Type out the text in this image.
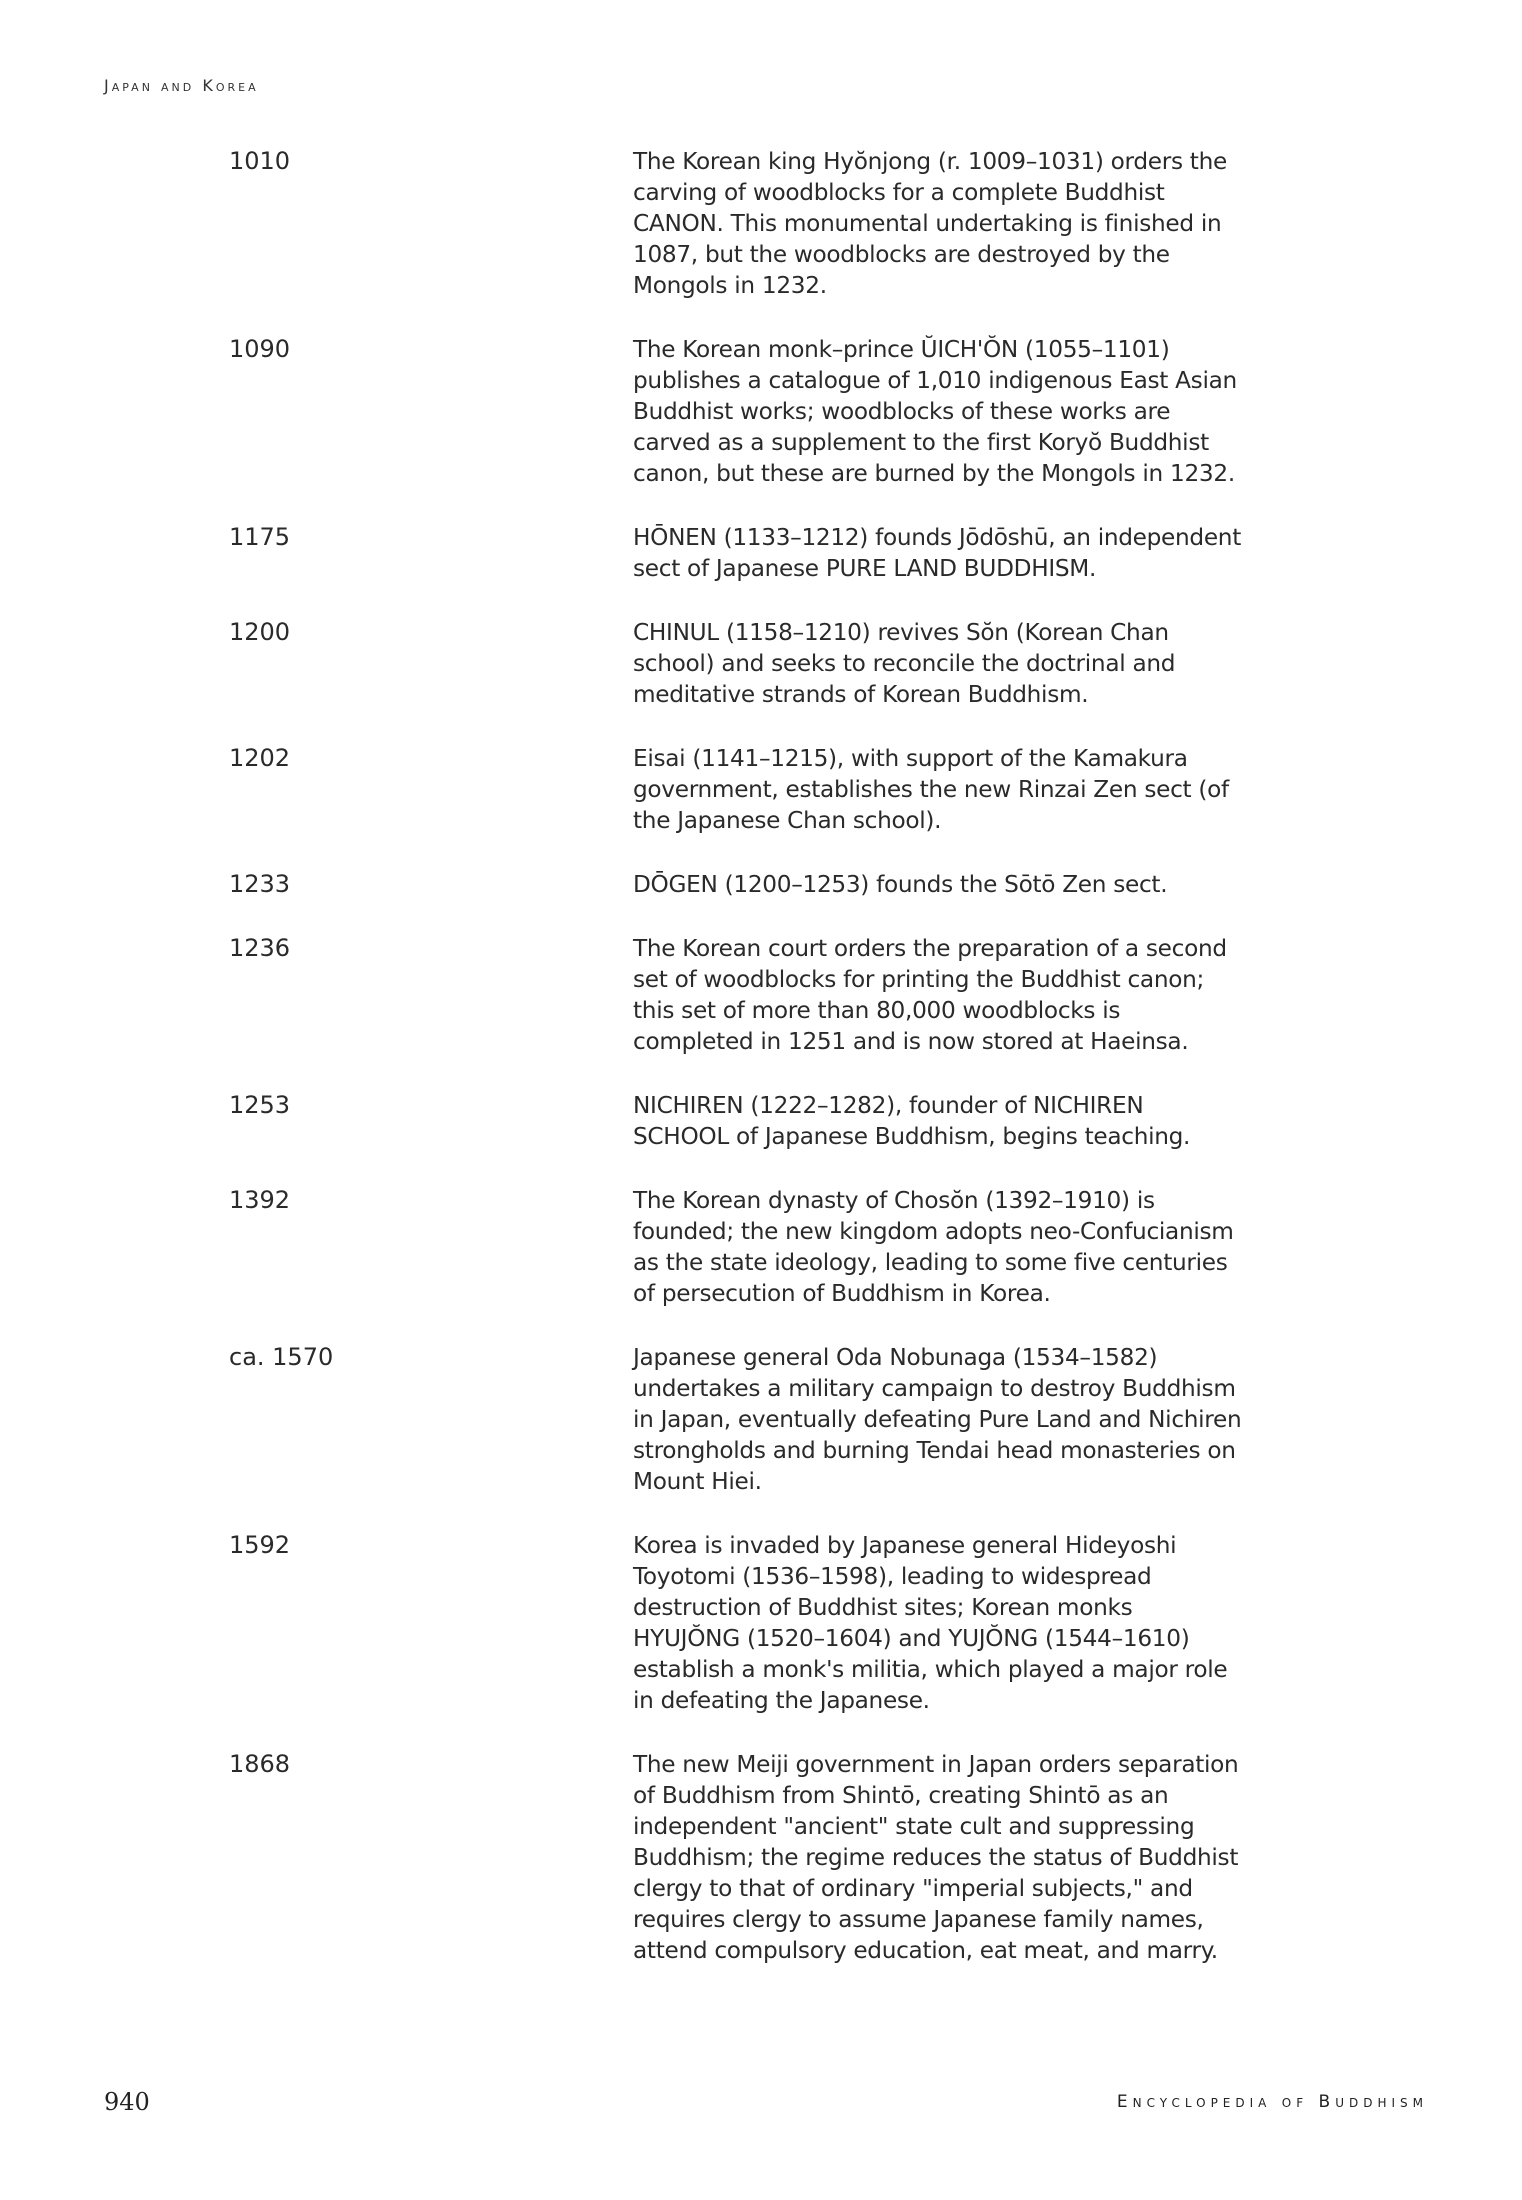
Japan and Korea
1010	The Korean king Hyŏnjong (r. 1009–1031) orders the carving of woodblocks for a complete Buddhist CANON. This monumental undertaking is finished in 1087, but the woodblocks are destroyed by the Mongols in 1232.
1090	The Korean monk–prince ŬICH'ŎN (1055–1101) publishes a catalogue of 1,010 indigenous East Asian Buddhist works; woodblocks of these works are carved as a supplement to the first Koryŏ Buddhist canon, but these are burned by the Mongols in 1232.
1175	HŌNEN (1133–1212) founds Jōdōshū, an independent sect of Japanese PURE LAND BUDDHISM.
1200	CHINUL (1158–1210) revives Sŏn (Korean Chan school) and seeks to reconcile the doctrinal and meditative strands of Korean Buddhism.
1202	Eisai (1141–1215), with support of the Kamakura government, establishes the new Rinzai Zen sect (of the Japanese Chan school).
1233	DŌGEN (1200–1253) founds the Sōtō Zen sect.
1236	The Korean court orders the preparation of a second set of woodblocks for printing the Buddhist canon; this set of more than 80,000 woodblocks is completed in 1251 and is now stored at Haeinsa.
1253	NICHIREN (1222–1282), founder of NICHIREN SCHOOL of Japanese Buddhism, begins teaching.
1392	The Korean dynasty of Chosŏn (1392–1910) is founded; the new kingdom adopts neo-Confucianism as the state ideology, leading to some five centuries of persecution of Buddhism in Korea.
ca. 1570	Japanese general Oda Nobunaga (1534–1582) undertakes a military campaign to destroy Buddhism in Japan, eventually defeating Pure Land and Nichiren strongholds and burning Tendai head monasteries on Mount Hiei.
1592	Korea is invaded by Japanese general Hideyoshi Toyotomi (1536–1598), leading to widespread destruction of Buddhist sites; Korean monks HYUJŎNG (1520–1604) and YUJŎNG (1544–1610) establish a monk's militia, which played a major role in defeating the Japanese.
1868	The new Meiji government in Japan orders separation of Buddhism from Shintō, creating Shintō as an independent "ancient" state cult and suppressing Buddhism; the regime reduces the status of Buddhist clergy to that of ordinary "imperial subjects," and requires clergy to assume Japanese family names, attend compulsory education, eat meat, and marry.
940	Encyclopedia of Buddhism
